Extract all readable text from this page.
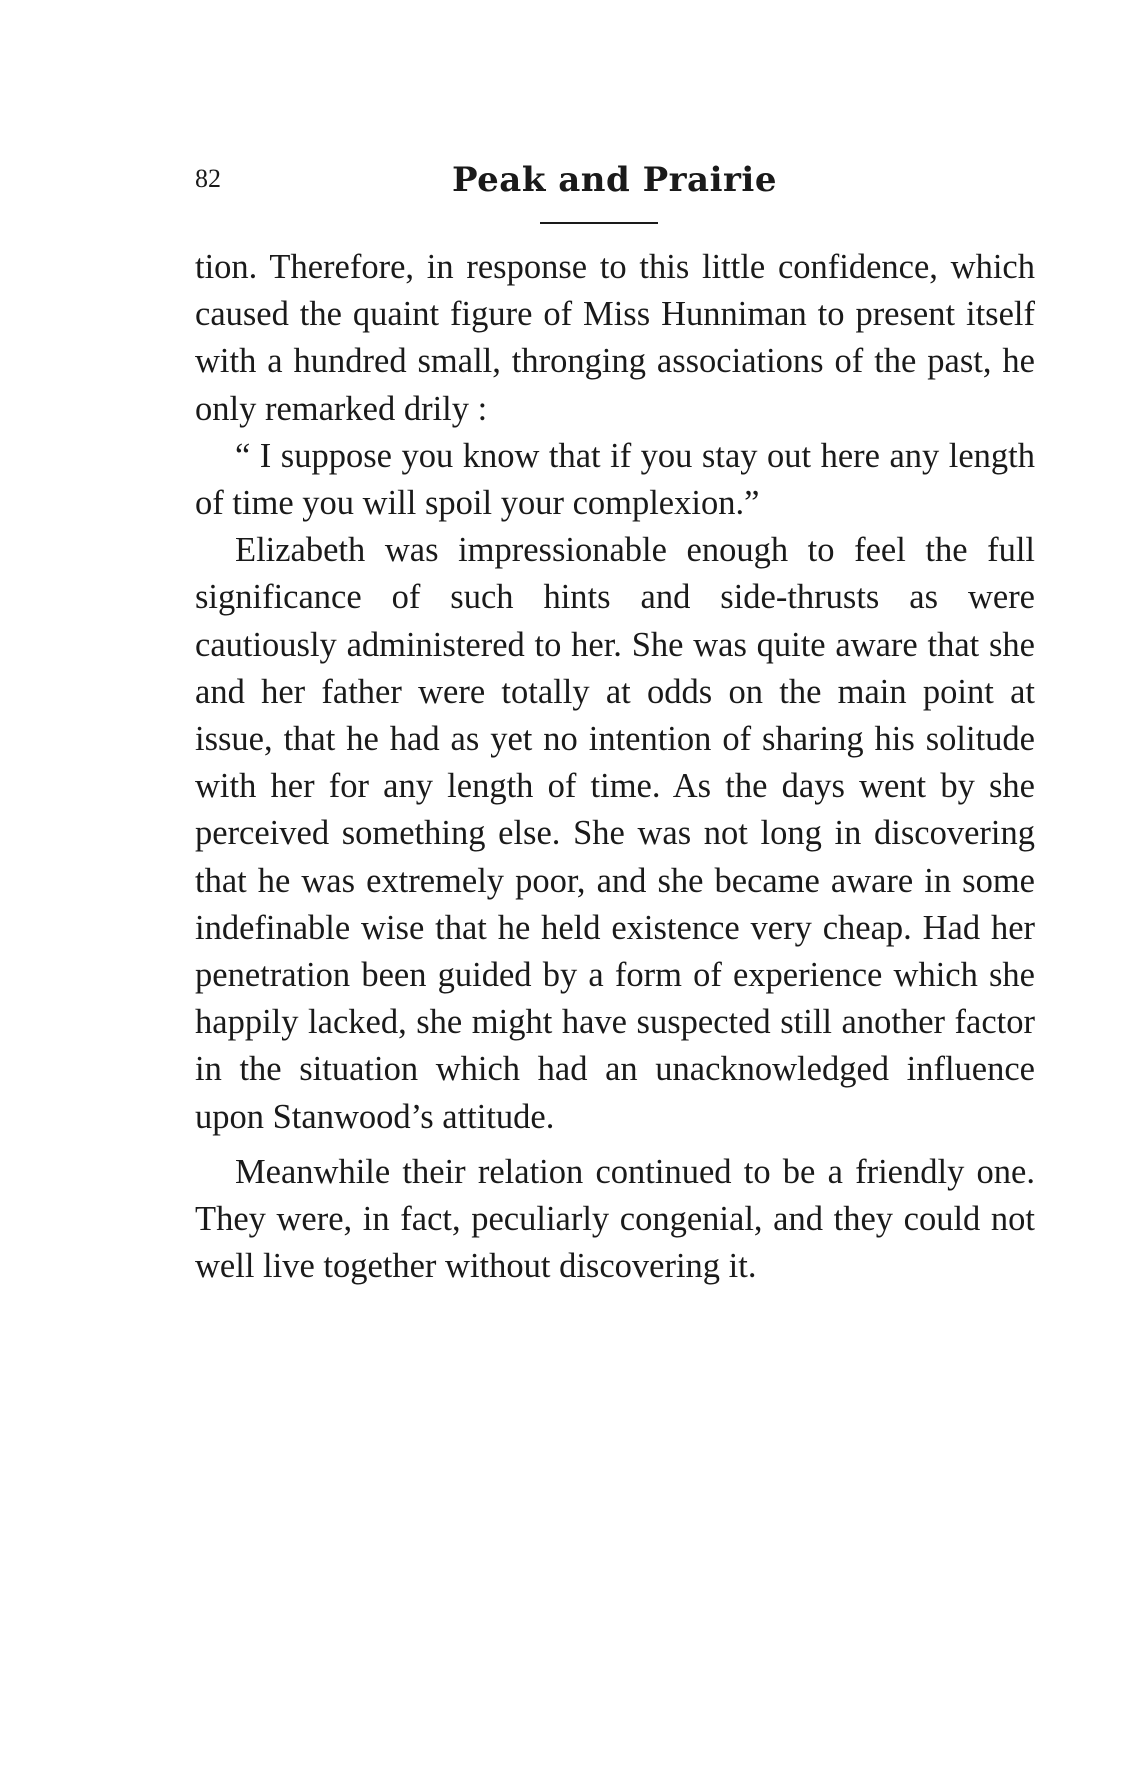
82	Peak and Prairie

tion. Therefore, in response to this little confidence, which caused the quaint figure of Miss Hunniman to present itself with a hundred small, thronging associations of the past, he only remarked drily :

“ I suppose you know that if you stay out here any length of time you will spoil your complexion.”

Elizabeth was impressionable enough to feel the full significance of such hints and side-thrusts as were cautiously administered to her. She was quite aware that she and her father were totally at odds on the main point at issue, that he had as yet no intention of sharing his solitude with her for any length of time. As the days went by she perceived something else. She was not long in discovering that he was extremely poor, and she became aware in some indefinable wise that he held existence very cheap. Had her penetration been guided by a form of experience which she happily lacked, she might have suspected still another factor in the situation which had an unacknowledged influence upon Stanwood’s attitude.

Meanwhile their relation continued to be a friendly one. They were, in fact, peculiarly congenial, and they could not well live together without discovering it.
